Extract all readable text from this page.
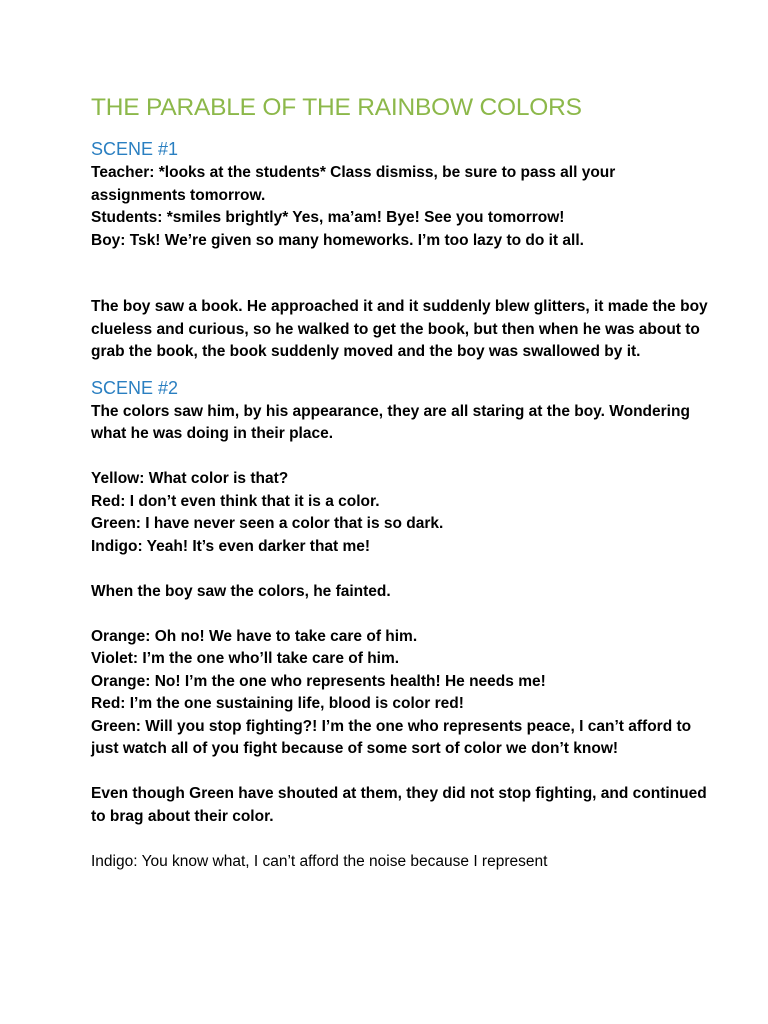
THE PARABLE OF THE RAINBOW COLORS
SCENE #1

Teacher: *looks at the students* Class dismiss, be sure to pass all your assignments tomorrow.

Students: *smiles brightly* Yes, ma’am! Bye! See you tomorrow!

Boy: Tsk! We’re given so many homeworks. I’m too lazy to do it all.

The boy saw a book. He approached it and it suddenly blew glitters, it made the boy clueless and curious, so he walked to get the book, but then when he was about to grab the book, the book suddenly moved and the boy was swallowed by it.

SCENE #2

The colors saw him, by his appearance, they are all staring at the boy. Wondering what he was doing in their place.

Yellow: What color is that?

Red: I don’t even think that it is a color.

Green: I have never seen a color that is so dark.

Indigo: Yeah! It’s even darker that me!

When the boy saw the colors, he fainted.

Orange: Oh no! We have to take care of him.

Violet: I’m the one who’ll take care of him.

Orange: No! I’m the one who represents health! He needs me!

Red: I’m the one sustaining life, blood is color red!

Green: Will you stop fighting?! I’m the one who represents peace, I can’t afford to just watch all of you fight because of some sort of color we don’t know!

Even though Green have shouted at them, they did not stop fighting, and continued to brag about their color.

Indigo: You know what, I can’t afford the noise because I represent
